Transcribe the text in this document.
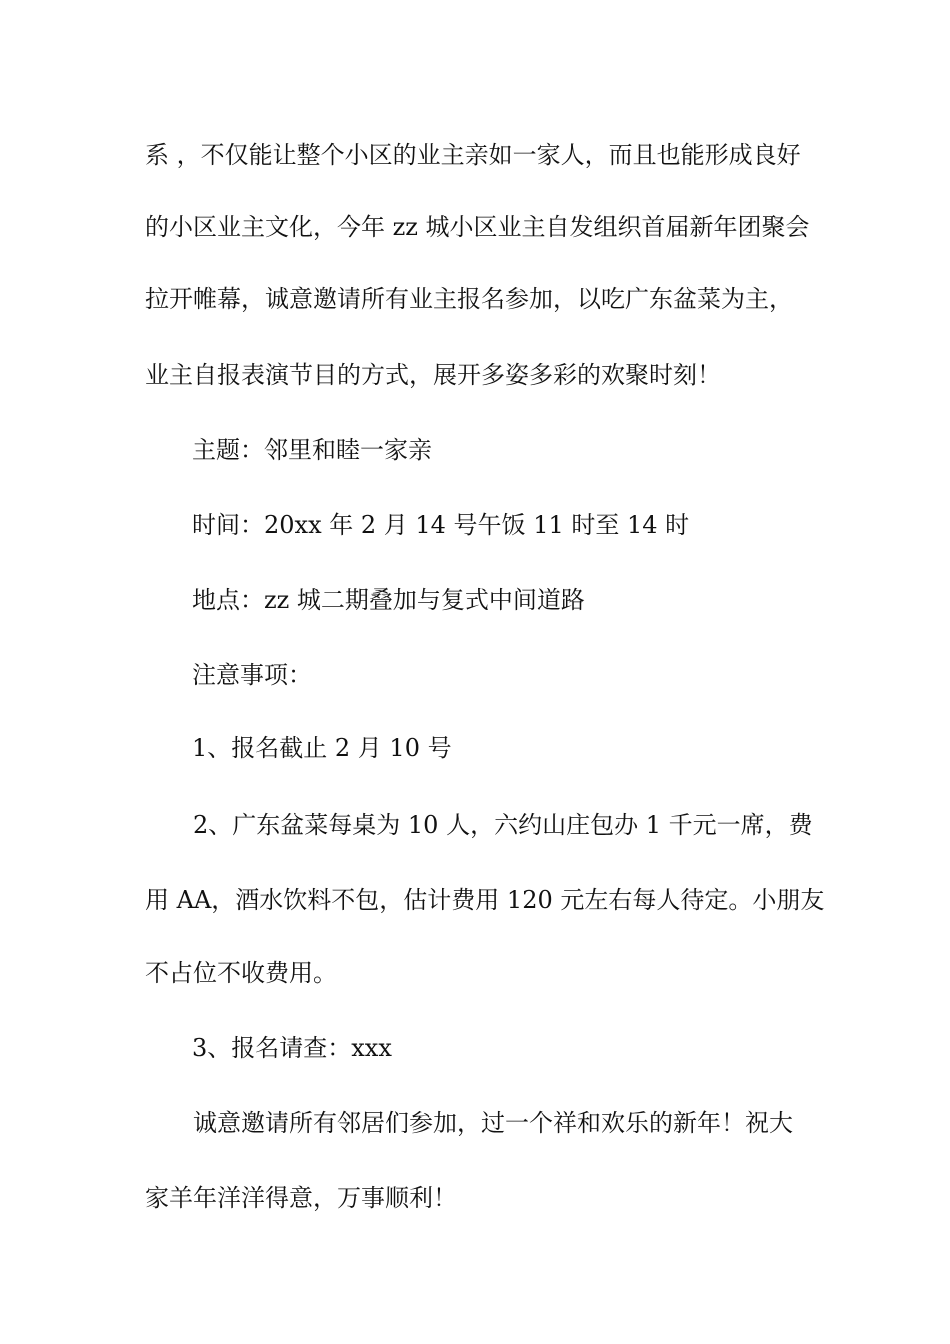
系 ，不仅能让整个小区的业主亲如一家人，而且也能形成良好

的小区业主文化，今年 zz 城小区业主自发组织首届新年团聚会

拉开帷幕，诚意邀请所有业主报名参加，以吃广东盆菜为主，

业主自报表演节目的方式，展开多姿多彩的欢聚时刻！

主题：邻里和睦一家亲

时间：20xx 年 2 月 14 号午饭 11 时至 14 时

地点：zz 城二期叠加与复式中间道路

注意事项：

1、报名截止 2 月 10 号

2、广东盆菜每桌为 10 人，六约山庄包办 1 千元一席，费

用 AA，酒水饮料不包，估计费用 120 元左右每人待定。小朋友

不占位不收费用。

3、报名请查：xxx

诚意邀请所有邻居们参加，过一个祥和欢乐的新年！祝大

家羊年洋洋得意，万事顺利！
